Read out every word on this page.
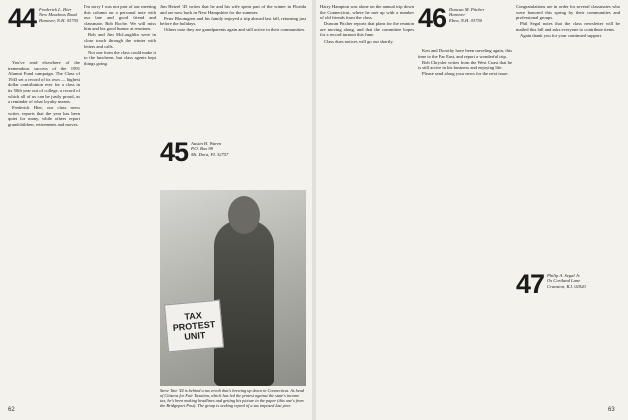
You've read elsewhere of the tremendous success of the 1991 Alumni Fund campaign. The Class of 1943 set a record of its own — highest dollar contribution ever for a class in its 50th year out of college, a record of which all of us can be justly proud, as a reminder of what loyalty means.

Frederick Hier, our class news writer, reports that the year has been quiet for many, while others report grandchildren, retirements and moves.

44 Frederick L. Hier
New Meadows Road
Hanover, N.H. 03755

I'm sorry I was not part of our meeting this column on a personal note with our late and good friend and classmate, Bob Roche. We will miss him and his good humor at reunions.

Bob and Jim McLaughlin were in close touch through the winter with letters and calls.

Not one from the class could make it to the luncheon, but class agents kept things going.

Jim Hetzel '45 writes that he and his wife spent part of the winter in Florida and are now back in New Hampshire for the summer.

Peter Bloomgren and his family enjoyed a trip abroad last fall, returning just before the holidays.

Others note they are grandparents again and still active in their communities.

45 Austin H. Waren
P.O. Box 98
Mt. Dora, FL 32757
TAX
PROTEST
UNIT
Steve Tate '44 is behind a tax revolt that's brewing up down in Connecticut. As head of Citizens for Fair Taxation, which has led the protest against the state's income tax, he's been making headlines and getting his picture in the paper (this one's from the Bridgeport Post). The group is seeking repeal of a tax imposed last year.

Harry Hampton was alone on the annual trip down the Connecticut, where he met up with a number of old friends from the class.

Duncan Pitcher reports that plans for the reunion are moving along, and that the committee hopes for a record turnout this June.

Class dues notices will go out shortly.

Ken and Dorothy have been traveling again, this time to the Far East, and report a wonderful trip.

Bob Chrysler writes from the West Coast that he is still active in his business and enjoying life.

Please send along your news for the next issue.

46 Duncan M. Pitcher
Hanover
Eben, N.H. 03750

Congratulations are in order for several classmates who were honored this spring by their communities and professional groups.

Phil Segal notes that the class newsletter will be mailed this fall and asks everyone to contribute items.

Again thank you for your continued support.

47 Philip A. Segal Jr.
Os Cortland Lane
Cranston, R.I. 02920
62	63
